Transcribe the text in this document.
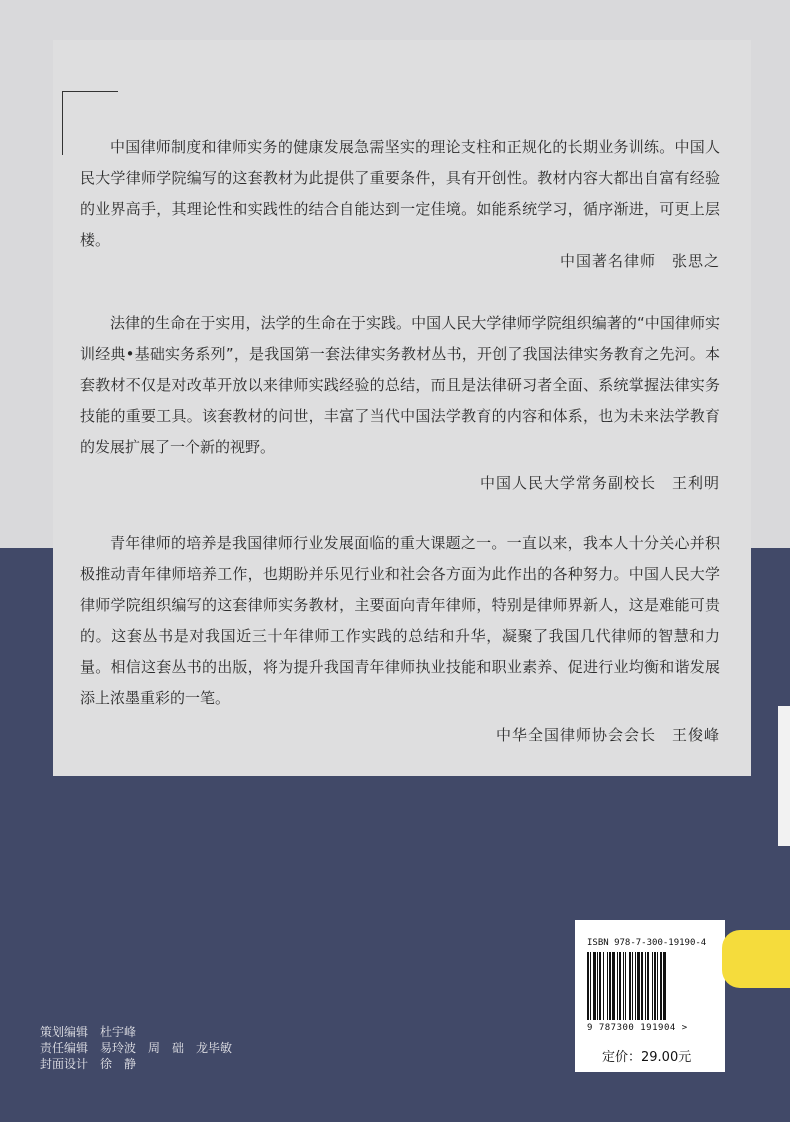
中国律师制度和律师实务的健康发展急需坚实的理论支柱和正规化的长期业务训练。中国人民大学律师学院编写的这套教材为此提供了重要条件，具有开创性。教材内容大都出自富有经验的业界高手，其理论性和实践性的结合自能达到一定佳境。如能系统学习，循序渐进，可更上层楼。

中国著名律师　张思之

法律的生命在于实用，法学的生命在于实践。中国人民大学律师学院组织编著的“中国律师实训经典•基础实务系列”，是我国第一套法律实务教材丛书，开创了我国法律实务教育之先河。本套教材不仅是对改革开放以来律师实践经验的总结，而且是法律研习者全面、系统掌握法律实务技能的重要工具。该套教材的问世，丰富了当代中国法学教育的内容和体系，也为未来法学教育的发展扩展了一个新的视野。

中国人民大学常务副校长　王利明

青年律师的培养是我国律师行业发展面临的重大课题之一。一直以来，我本人十分关心并积极推动青年律师培养工作，也期盼并乐见行业和社会各方面为此作出的各种努力。中国人民大学律师学院组织编写的这套律师实务教材，主要面向青年律师，特别是律师界新人，这是难能可贵的。这套丛书是对我国近三十年律师工作实践的总结和升华，凝聚了我国几代律师的智慧和力量。相信这套丛书的出版，将为提升我国青年律师执业技能和职业素养、促进行业均衡和谐发展添上浓墨重彩的一笔。

中华全国律师协会会长　王俊峰
策划编辑　杜宇峰
责任编辑　易玲波　周　础　龙毕敏
封面设计　徐　静
ISBN 978-7-300-19190-4
9 787300 191904 >
定价：29.00元
